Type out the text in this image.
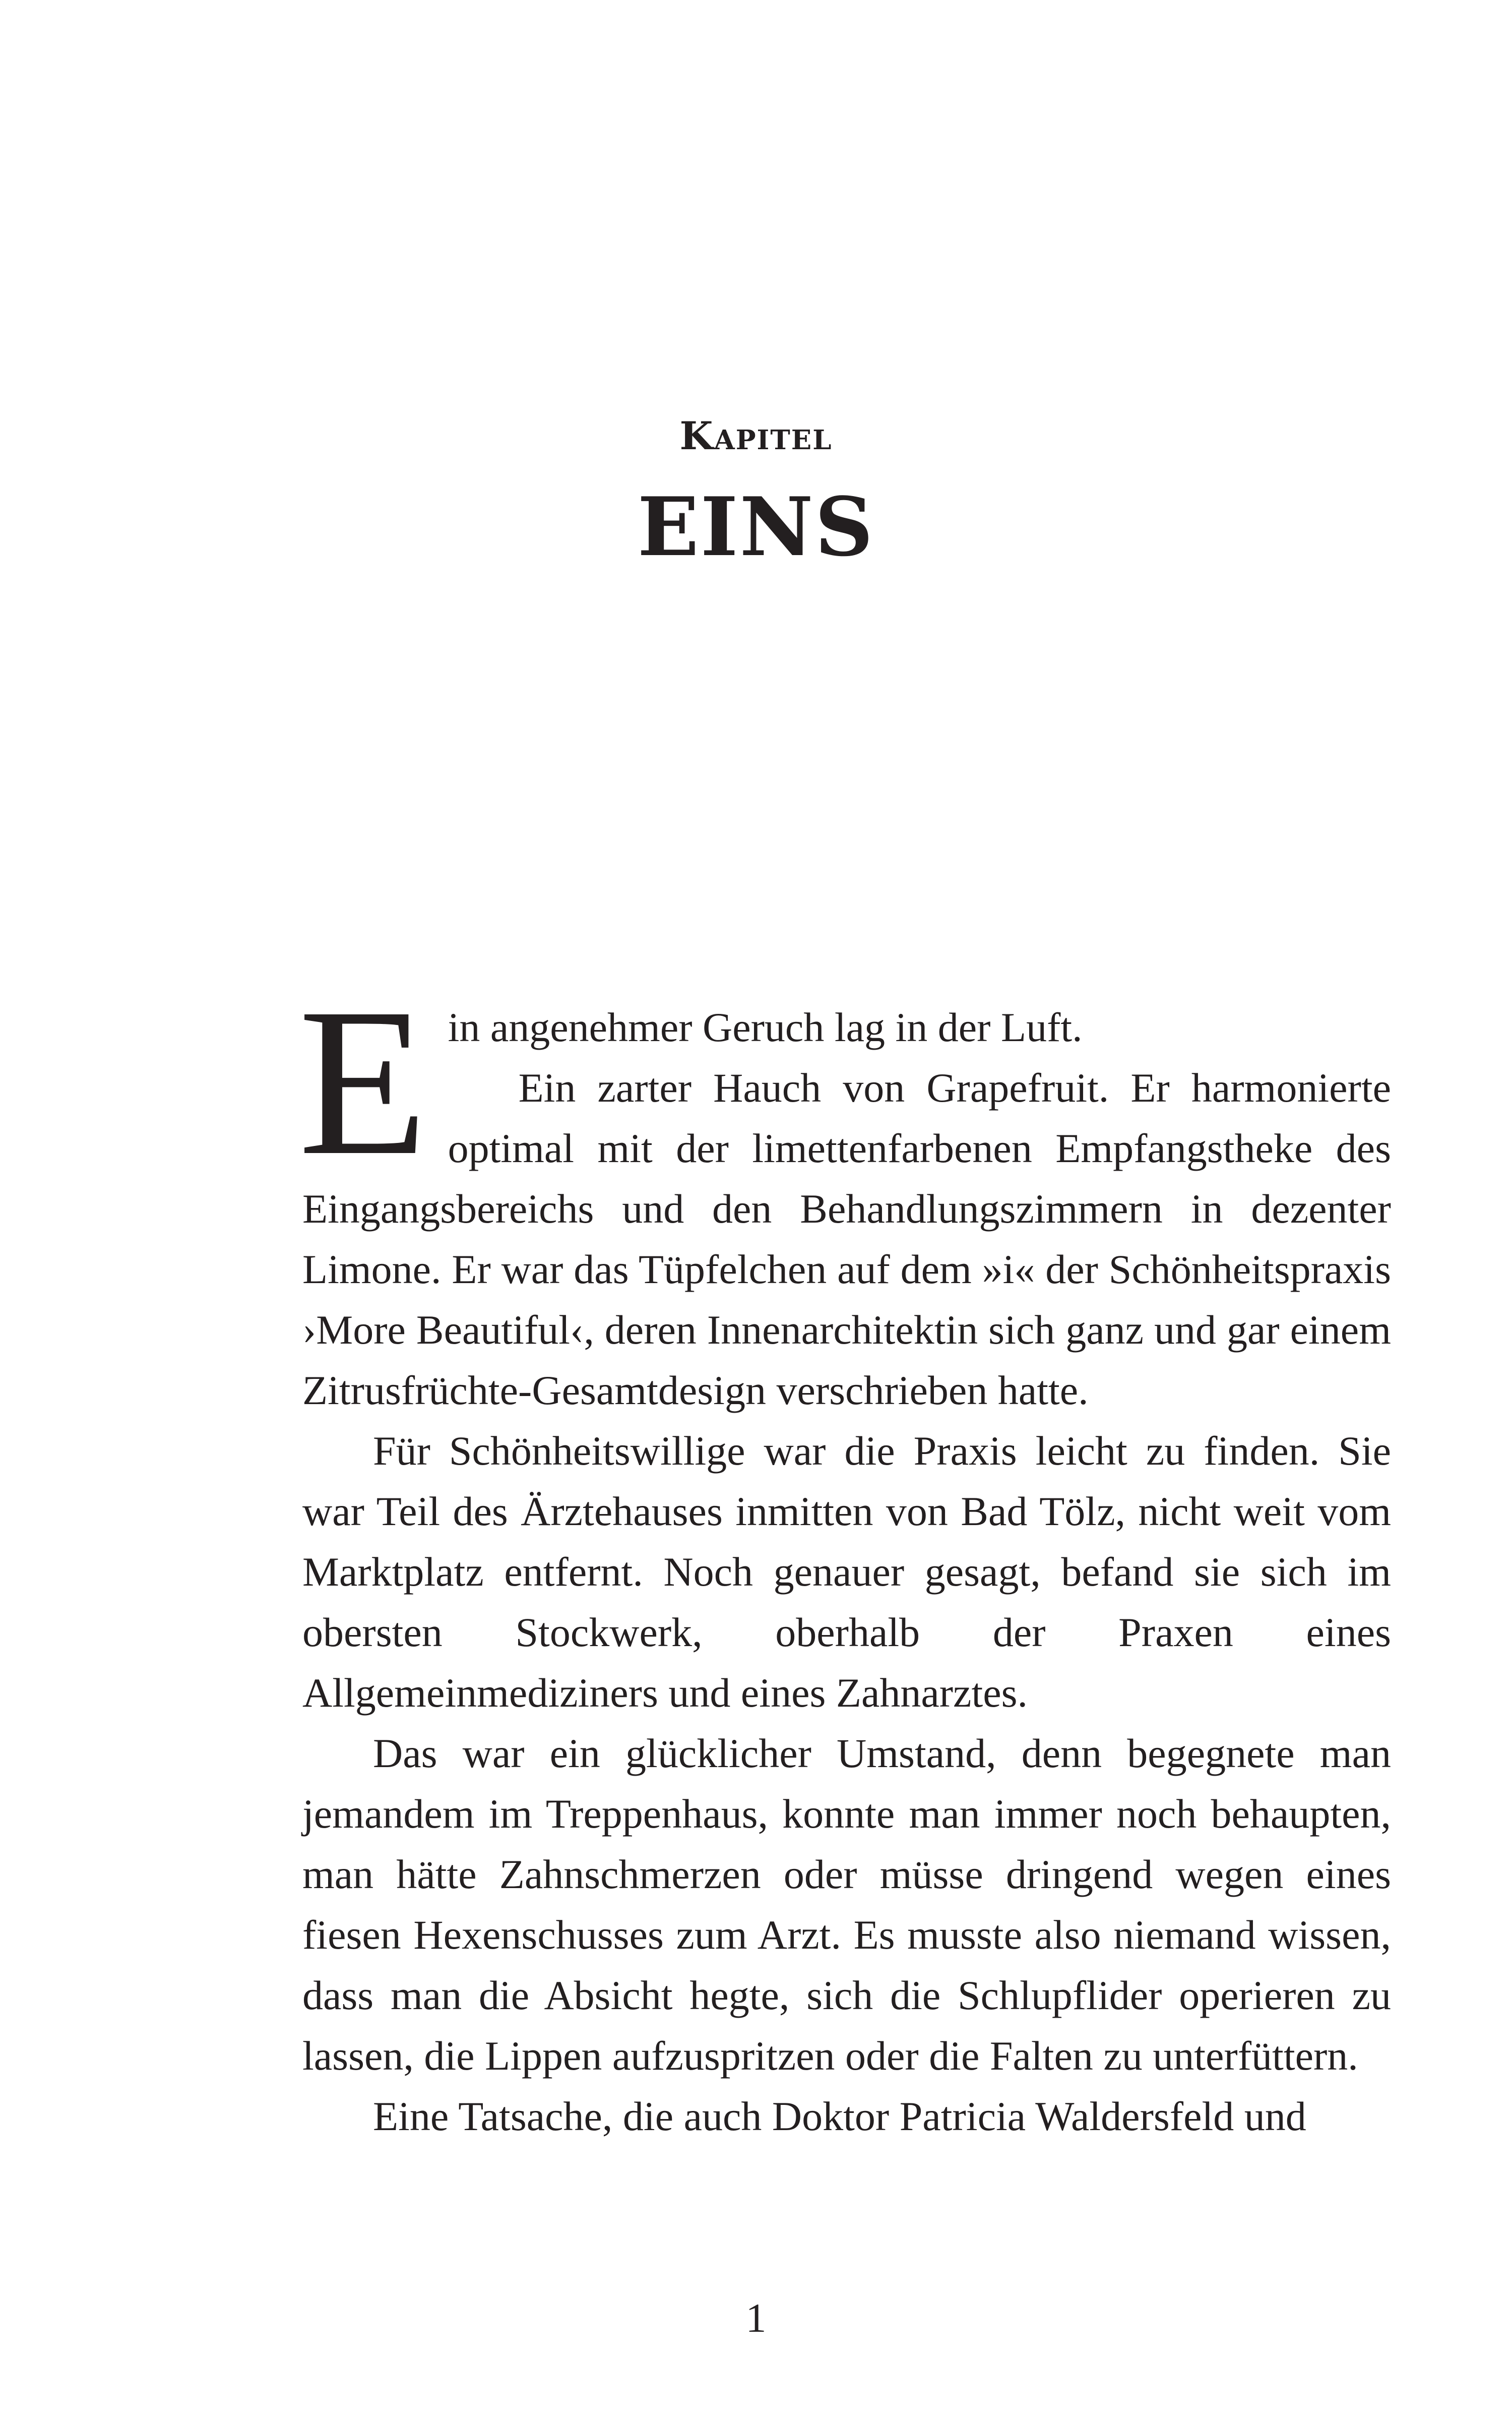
Kapitel
EINS

E in angenehmer Geruch lag in der Luft.
Ein zarter Hauch von Grapefruit. Er harmonierte optimal mit der limettenfarbenen Empfangstheke des Eingangsbereichs und den Behandlungszimmern in dezenter Limone. Er war das Tüpfelchen auf dem »i« der Schönheitspraxis ›More Beautiful‹, deren Innenarchitektin sich ganz und gar einem Zitrusfrüchte-Gesamtdesign verschrieben hatte.

Für Schönheitswillige war die Praxis leicht zu finden. Sie war Teil des Ärztehauses inmitten von Bad Tölz, nicht weit vom Marktplatz entfernt. Noch genauer gesagt, befand sie sich im obersten Stockwerk, oberhalb der Praxen eines Allgemeinmediziners und eines Zahnarztes.

Das war ein glücklicher Umstand, denn begegnete man jemandem im Treppenhaus, konnte man immer noch behaupten, man hätte Zahnschmerzen oder müsse dringend wegen eines fiesen Hexenschusses zum Arzt. Es musste also niemand wissen, dass man die Absicht hegte, sich die Schlupflider operieren zu lassen, die Lippen aufzuspritzen oder die Falten zu unterfüttern.

Eine Tatsache, die auch Doktor Patricia Waldersfeld und

1
